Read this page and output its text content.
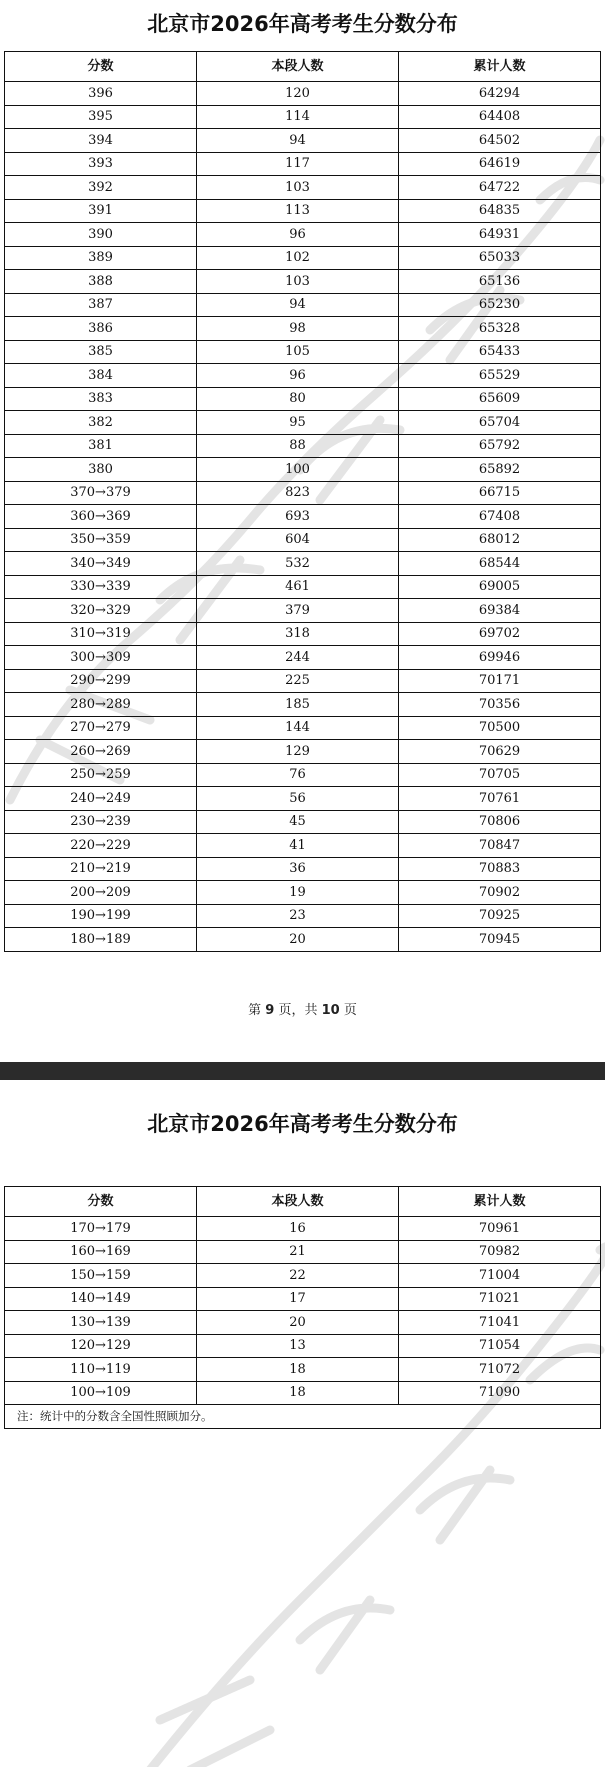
北京市2026年高考考生分数分布
分数	本段人数	累计人数
396	120	64294
395	114	64408
394	94	64502
393	117	64619
392	103	64722
391	113	64835
390	96	64931
389	102	65033
388	103	65136
387	94	65230
386	98	65328
385	105	65433
384	96	65529
383	80	65609
382	95	65704
381	88	65792
380	100	65892
370→379	823	66715
360→369	693	67408
350→359	604	68012
340→349	532	68544
330→339	461	69005
320→329	379	69384
310→319	318	69702
300→309	244	69946
290→299	225	70171
280→289	185	70356
270→279	144	70500
260→269	129	70629
250→259	76	70705
240→249	56	70761
230→239	45	70806
220→229	41	70847
210→219	36	70883
200→209	19	70902
190→199	23	70925
180→189	20	70945
第 9 页，共 10 页
北京市2026年高考考生分数分布
分数	本段人数	累计人数
170→179	16	70961
160→169	21	70982
150→159	22	71004
140→149	17	71021
130→139	20	71041
120→129	13	71054
110→119	18	71072
100→109	18	71090
注：统计中的分数含全国性照顾加分。		
